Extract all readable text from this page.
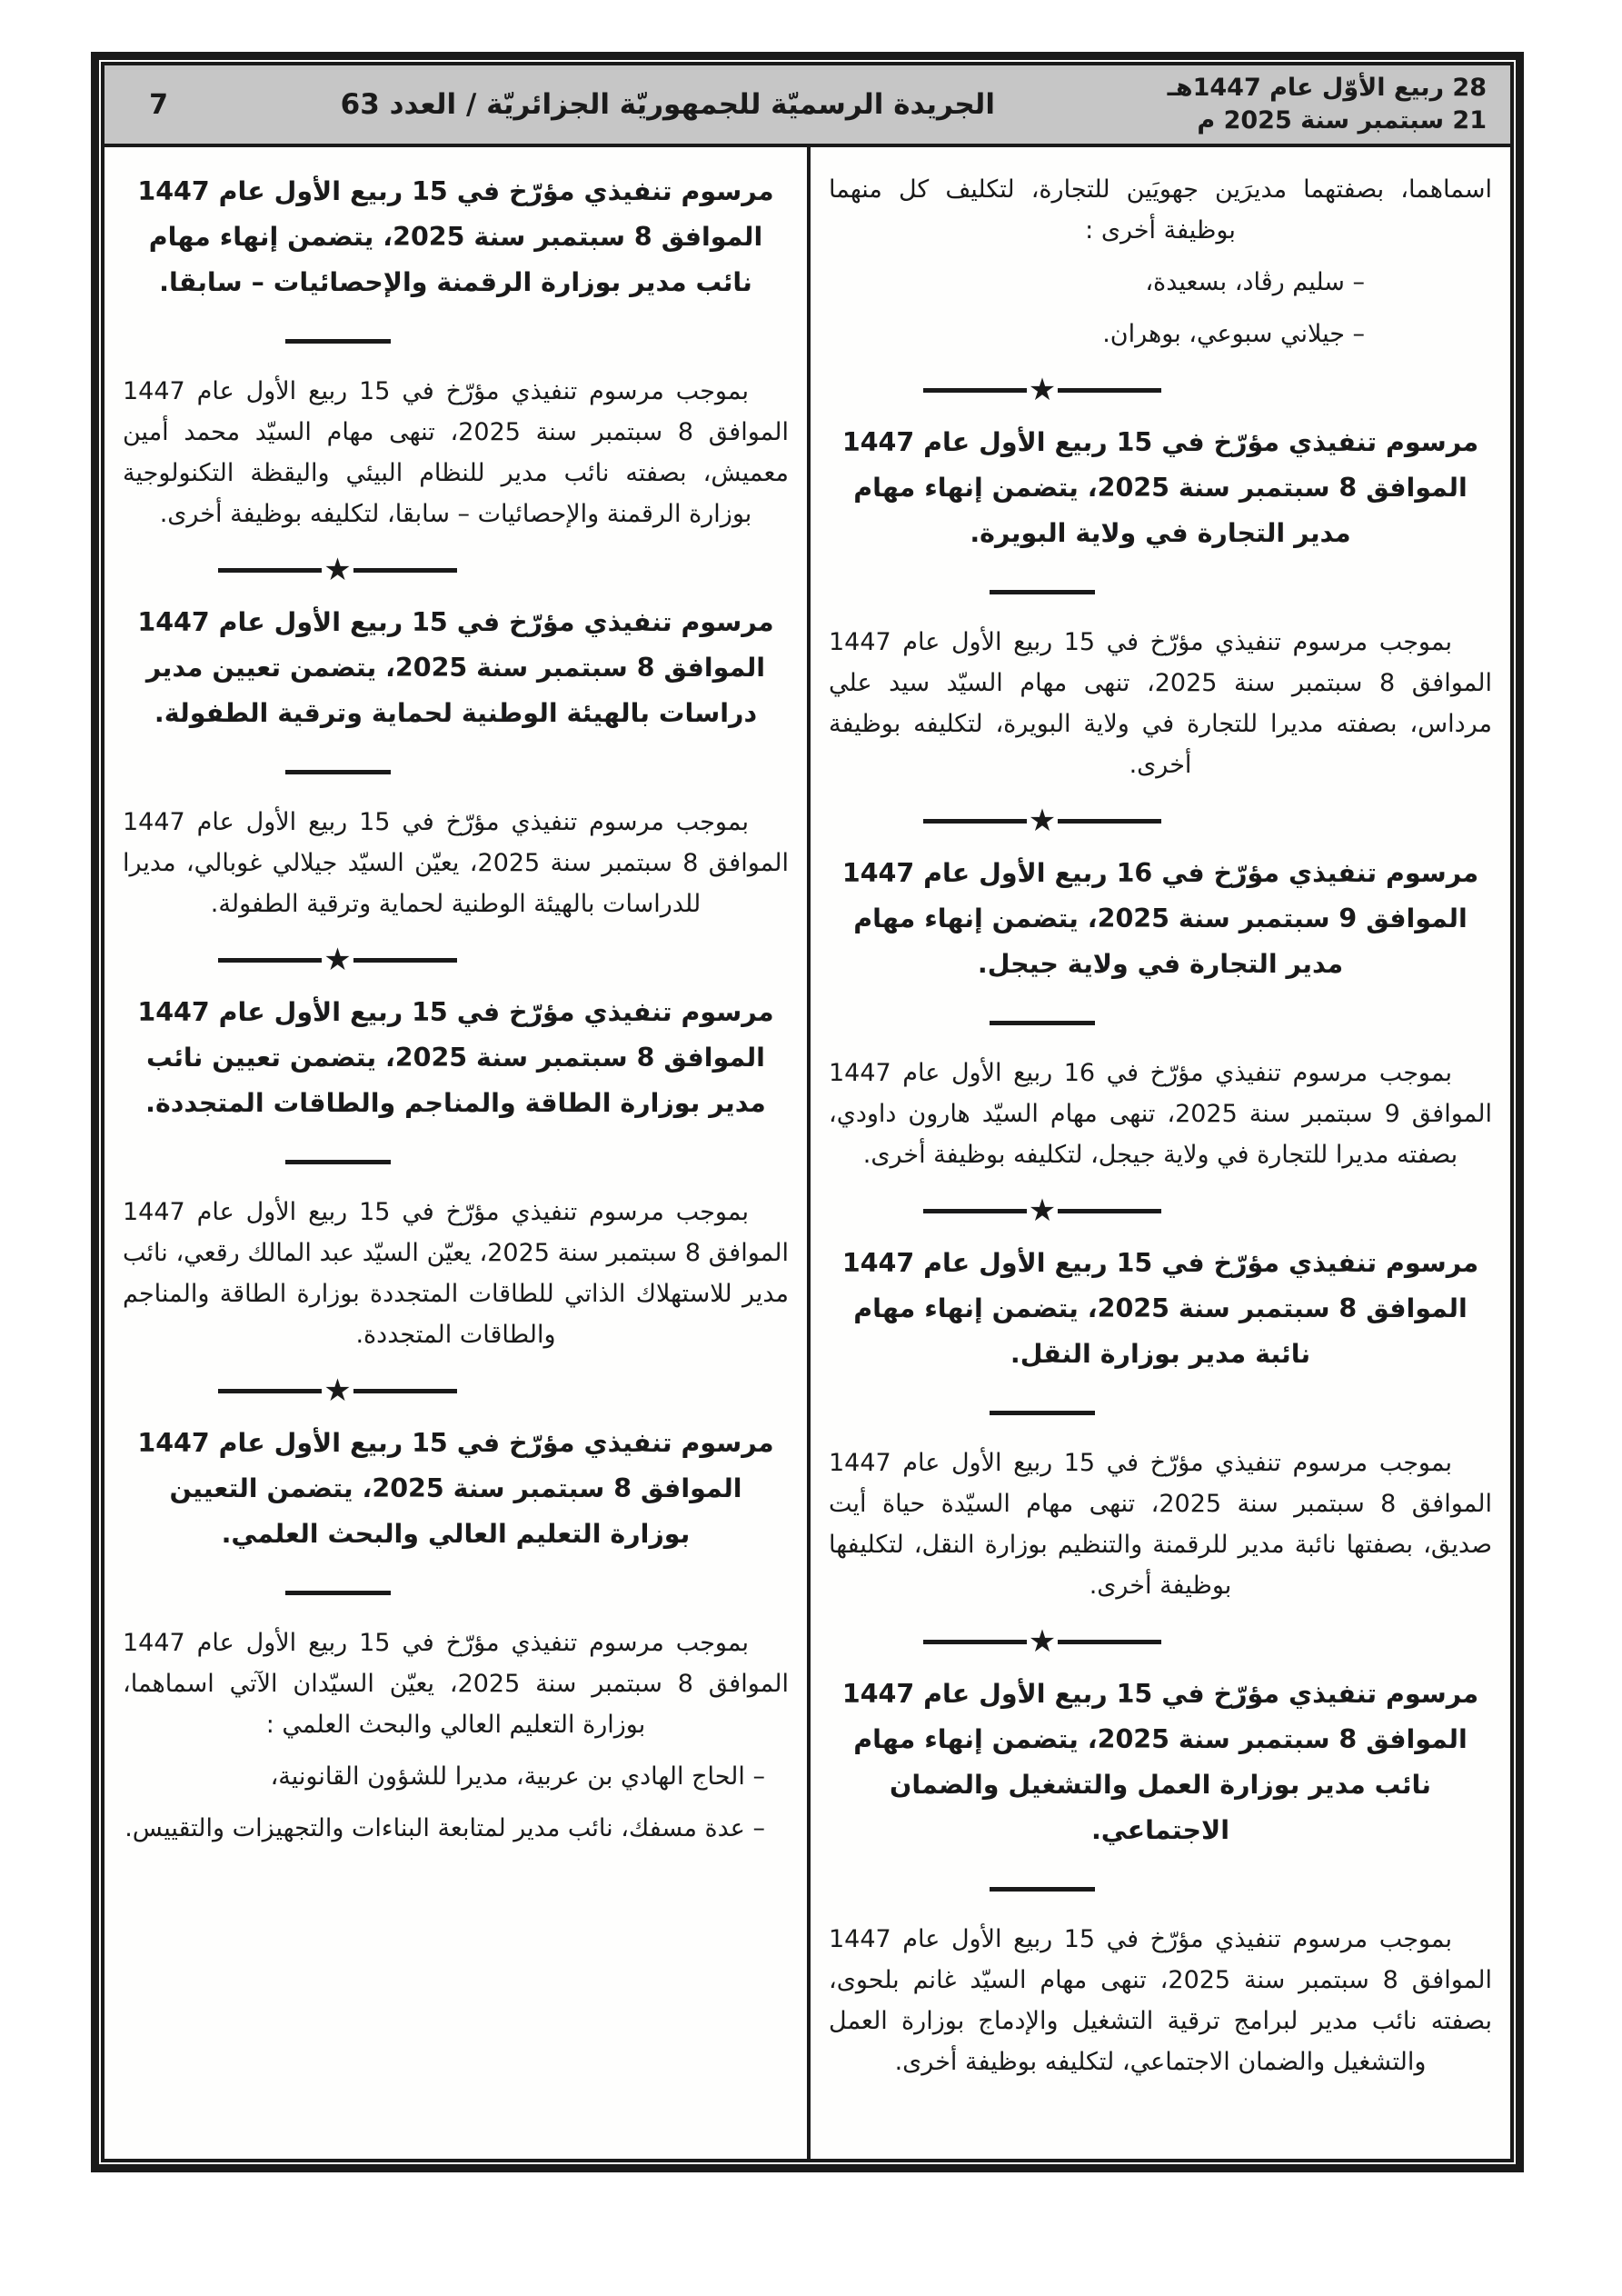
28 ربيع الأوّل عام 1447هـ
21 سبتمبر سنة 2025 م
الجريدة الرسميّة للجمهوريّة الجزائريّة / العدد 63
7

اسماهما، بصفتهما مديرَين جهويَين للتجارة، لتكليف كل منهما بوظيفة أخرى :

– سليم رڤاد، بسعيدة،

– جيلاني سبوعي، بوهران.

★
مرسوم تنفيذي مؤرّخ في 15 ربيع الأول عام 1447 الموافق 8 سبتمبر سنة 2025، يتضمن إنهاء مهام مدير التجارة في ولاية البويرة.

بموجب مرسوم تنفيذي مؤرّخ في 15 ربيع الأول عام 1447 الموافق 8 سبتمبر سنة 2025، تنهى مهام السيّد سيد علي مرداس، بصفته مديرا للتجارة في ولاية البويرة، لتكليفه بوظيفة أخرى.

★
مرسوم تنفيذي مؤرّخ في 16 ربيع الأول عام 1447 الموافق 9 سبتمبر سنة 2025، يتضمن إنهاء مهام مدير التجارة في ولاية جيجل.

بموجب مرسوم تنفيذي مؤرّخ في 16 ربيع الأول عام 1447 الموافق 9 سبتمبر سنة 2025، تنهى مهام السيّد هارون داودي، بصفته مديرا للتجارة في ولاية جيجل، لتكليفه بوظيفة أخرى.

★
مرسوم تنفيذي مؤرّخ في 15 ربيع الأول عام 1447 الموافق 8 سبتمبر سنة 2025، يتضمن إنهاء مهام نائبة مدير بوزارة النقل.

بموجب مرسوم تنفيذي مؤرّخ في 15 ربيع الأول عام 1447 الموافق 8 سبتمبر سنة 2025، تنهى مهام السيّدة حياة أيت صديق، بصفتها نائبة مدير للرقمنة والتنظيم بوزارة النقل، لتكليفها بوظيفة أخرى.

★
مرسوم تنفيذي مؤرّخ في 15 ربيع الأول عام 1447 الموافق 8 سبتمبر سنة 2025، يتضمن إنهاء مهام نائب مدير بوزارة العمل والتشغيل والضمان الاجتماعي.

بموجب مرسوم تنفيذي مؤرّخ في 15 ربيع الأول عام 1447 الموافق 8 سبتمبر سنة 2025، تنهى مهام السيّد غانم بلحوى، بصفته نائب مدير لبرامج ترقية التشغيل والإدماج بوزارة العمل والتشغيل والضمان الاجتماعي، لتكليفه بوظيفة أخرى.

مرسوم تنفيذي مؤرّخ في 15 ربيع الأول عام 1447 الموافق 8 سبتمبر سنة 2025، يتضمن إنهاء مهام نائب مدير بوزارة الرقمنة والإحصائيات – سابقا.

بموجب مرسوم تنفيذي مؤرّخ في 15 ربيع الأول عام 1447 الموافق 8 سبتمبر سنة 2025، تنهى مهام السيّد محمد أمين معميش، بصفته نائب مدير للنظام البيئي واليقظة التكنولوجية بوزارة الرقمنة والإحصائيات – سابقا، لتكليفه بوظيفة أخرى.

★
مرسوم تنفيذي مؤرّخ في 15 ربيع الأول عام 1447 الموافق 8 سبتمبر سنة 2025، يتضمن تعيين مدير دراسات بالهيئة الوطنية لحماية وترقية الطفولة.

بموجب مرسوم تنفيذي مؤرّخ في 15 ربيع الأول عام 1447 الموافق 8 سبتمبر سنة 2025، يعيّن السيّد جيلالي غوبالي، مديرا للدراسات بالهيئة الوطنية لحماية وترقية الطفولة.

★
مرسوم تنفيذي مؤرّخ في 15 ربيع الأول عام 1447 الموافق 8 سبتمبر سنة 2025، يتضمن تعيين نائب مدير بوزارة الطاقة والمناجم والطاقات المتجددة.

بموجب مرسوم تنفيذي مؤرّخ في 15 ربيع الأول عام 1447 الموافق 8 سبتمبر سنة 2025، يعيّن السيّد عبد المالك رقعي، نائب مدير للاستهلاك الذاتي للطاقات المتجددة بوزارة الطاقة والمناجم والطاقات المتجددة.

★
مرسوم تنفيذي مؤرّخ في 15 ربيع الأول عام 1447 الموافق 8 سبتمبر سنة 2025، يتضمن التعيين بوزارة التعليم العالي والبحث العلمي.

بموجب مرسوم تنفيذي مؤرّخ في 15 ربيع الأول عام 1447 الموافق 8 سبتمبر سنة 2025، يعيّن السيّدان الآتي اسماهما، بوزارة التعليم العالي والبحث العلمي :

– الحاج الهادي بن عربية، مديرا للشؤون القانونية،

– عدة مسفك، نائب مدير لمتابعة البناءات والتجهيزات والتقييس.
